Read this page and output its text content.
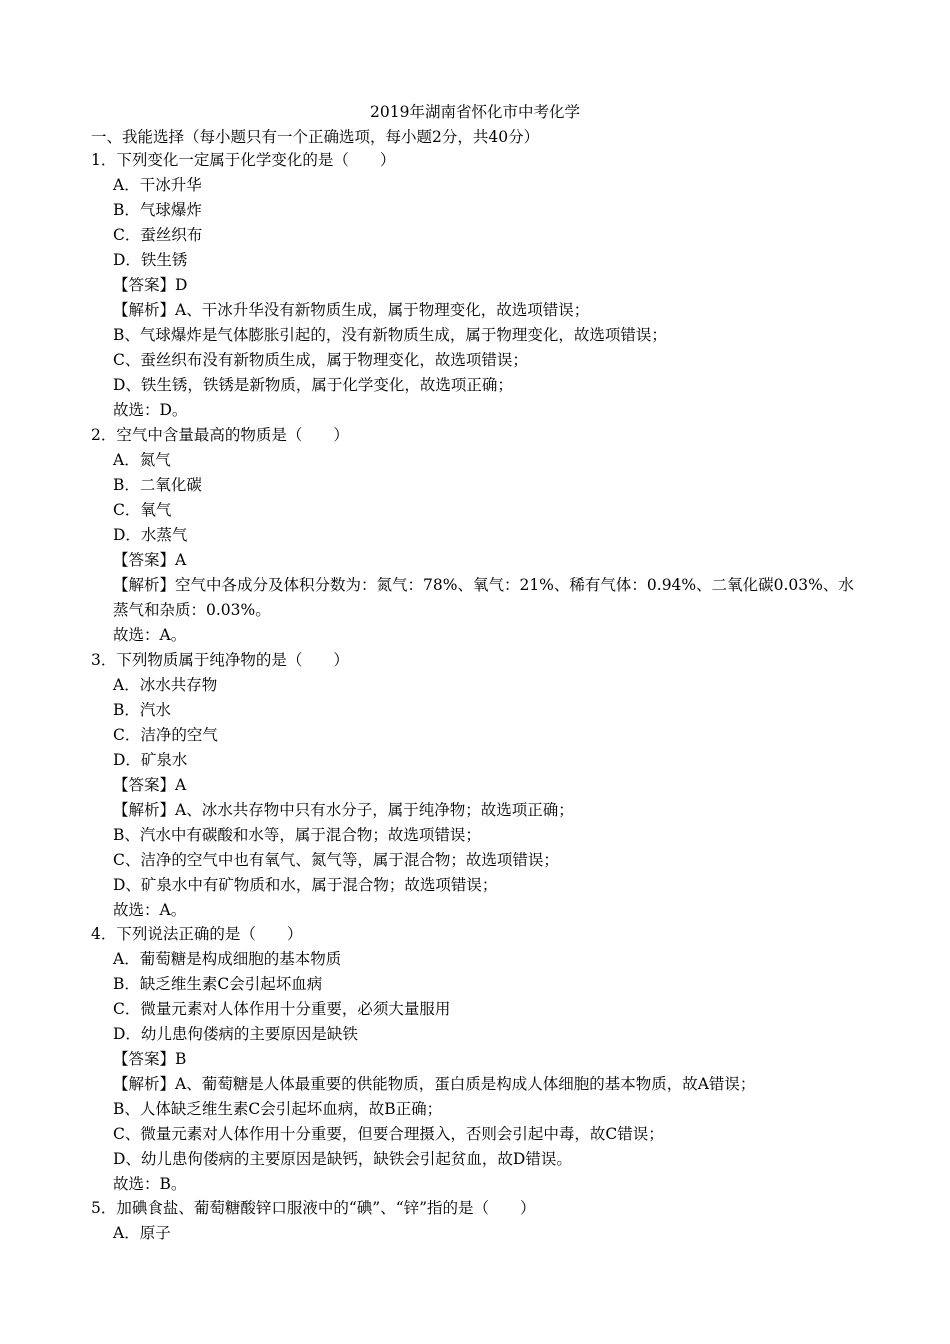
2019年湖南省怀化市中考化学
一、我能选择（每小题只有一个正确选项，每小题2分，共40分）
1．下列变化一定属于化学变化的是（　　）
A．干冰升华
B．气球爆炸
C．蚕丝织布
D．铁生锈
【答案】D
【解析】A、干冰升华没有新物质生成，属于物理变化，故选项错误；
B、气球爆炸是气体膨胀引起的，没有新物质生成，属于物理变化，故选项错误；
C、蚕丝织布没有新物质生成，属于物理变化，故选项错误；
D、铁生锈，铁锈是新物质，属于化学变化，故选项正确；
故选：D。
2．空气中含量最高的物质是（　　）
A．氮气
B．二氧化碳
C．氧气
D．水蒸气
【答案】A
【解析】空气中各成分及体积分数为：氮气：78%、氧气：21%、稀有气体：0.94%、二氧化碳0.03%、水蒸气和杂质：0.03%。
故选：A。
3．下列物质属于纯净物的是（　　）
A．冰水共存物
B．汽水
C．洁净的空气
D．矿泉水
【答案】A
【解析】A、冰水共存物中只有水分子，属于纯净物；故选项正确；
B、汽水中有碳酸和水等，属于混合物；故选项错误；
C、洁净的空气中也有氧气、氮气等，属于混合物；故选项错误；
D、矿泉水中有矿物质和水，属于混合物；故选项错误；
故选：A。
4．下列说法正确的是（　　）
A．葡萄糖是构成细胞的基本物质
B．缺乏维生素C会引起坏血病
C．微量元素对人体作用十分重要，必须大量服用
D．幼儿患佝偻病的主要原因是缺铁
【答案】B
【解析】A、葡萄糖是人体最重要的供能物质，蛋白质是构成人体细胞的基本物质，故A错误；
B、人体缺乏维生素C会引起坏血病，故B正确；
C、微量元素对人体作用十分重要，但要合理摄入，否则会引起中毒，故C错误；
D、幼儿患佝偻病的主要原因是缺钙，缺铁会引起贫血，故D错误。
故选：B。
5．加碘食盐、葡萄糖酸锌口服液中的“碘”、“锌”指的是（　　）
A．原子
